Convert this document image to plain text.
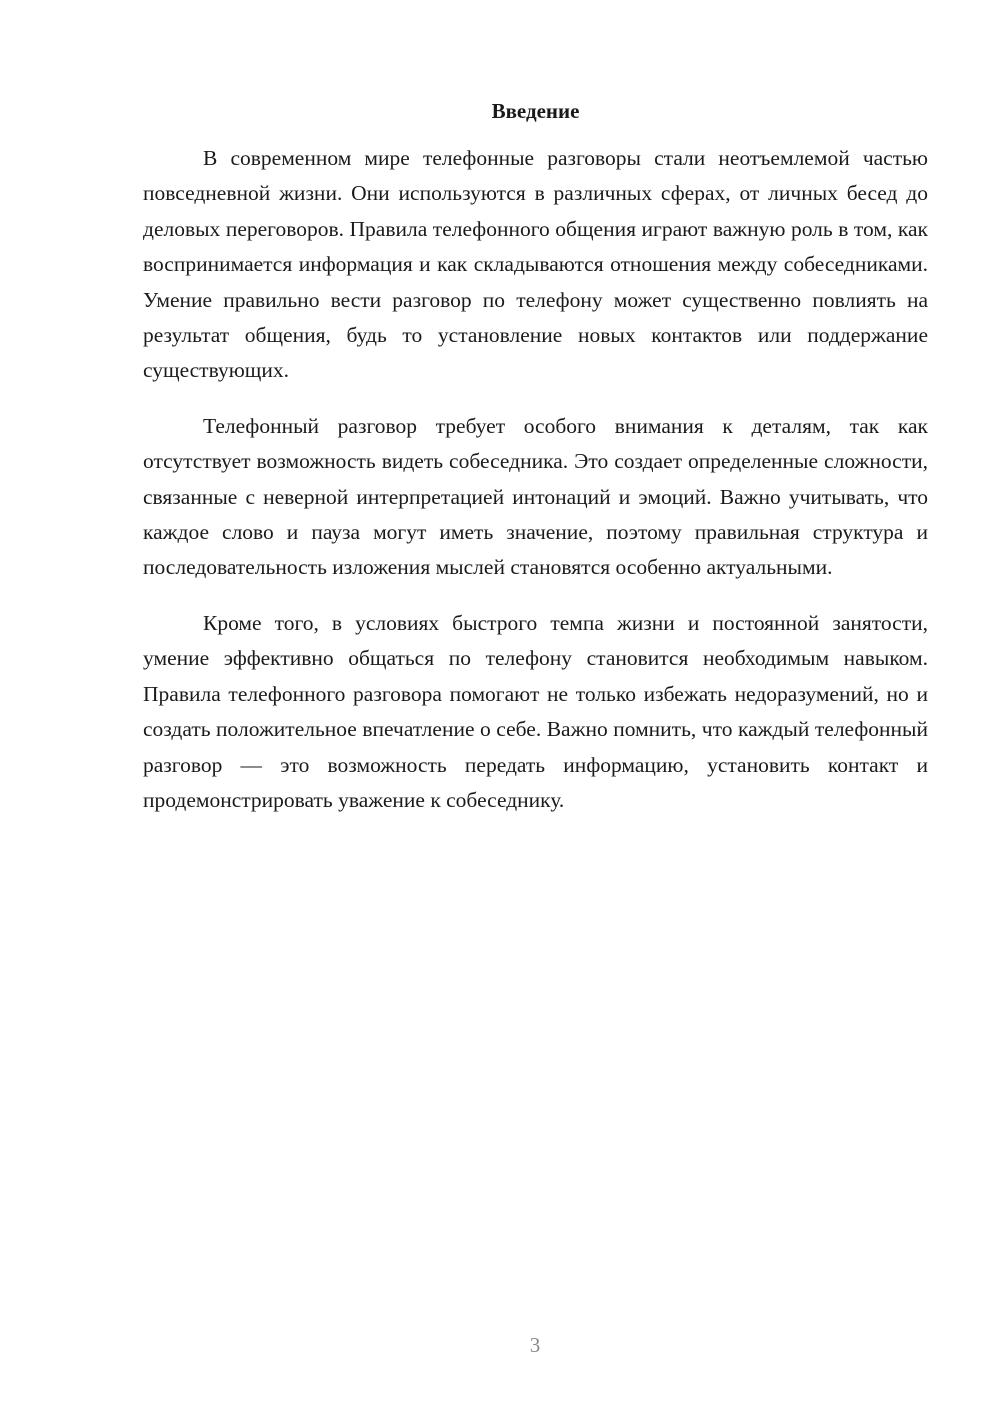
Введение

В современном мире телефонные разговоры стали неотъемлемой частью повседневной жизни. Они используются в различных сферах, от личных бесед до деловых переговоров. Правила телефонного общения играют важную роль в том, как воспринимается информация и как складываются отношения между собеседниками. Умение правильно вести разговор по телефону может существенно повлиять на результат общения, будь то установление новых контактов или поддержание существующих.

Телефонный разговор требует особого внимания к деталям, так как отсутствует возможность видеть собеседника. Это создает определенные сложности, связанные с неверной интерпретацией интонаций и эмоций. Важно учитывать, что каждое слово и пауза могут иметь значение, поэтому правильная структура и последовательность изложения мыслей становятся особенно актуальными.

Кроме того, в условиях быстрого темпа жизни и постоянной занятости, умение эффективно общаться по телефону становится необходимым навыком. Правила телефонного разговора помогают не только избежать недоразумений, но и создать положительное впечатление о себе. Важно помнить, что каждый телефонный разговор — это возможность передать информацию, установить контакт и продемонстрировать уважение к собеседнику.

3
